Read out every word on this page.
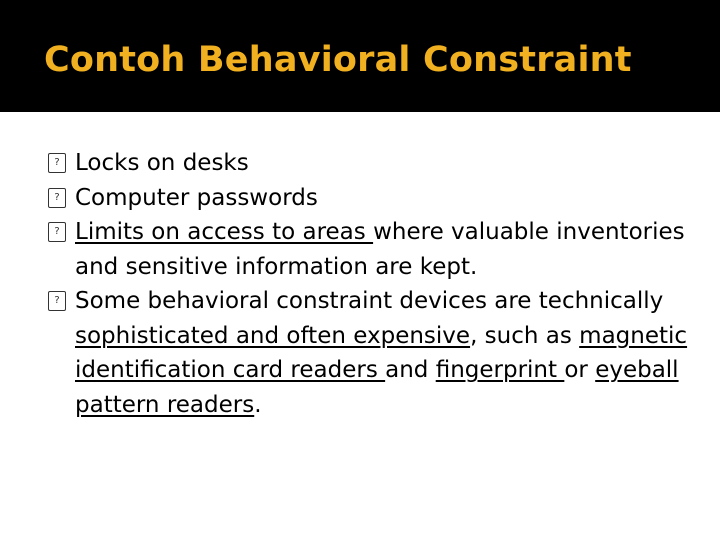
Contoh Behavioral Constraint
? Locks on desks
? Computer passwords
? Limits on access to areas where valuable inventories and sensitive information are kept.
? Some behavioral constraint devices are technically sophisticated and often expensive, such as magnetic identification card readers and fingerprint or eyeball pattern readers.
